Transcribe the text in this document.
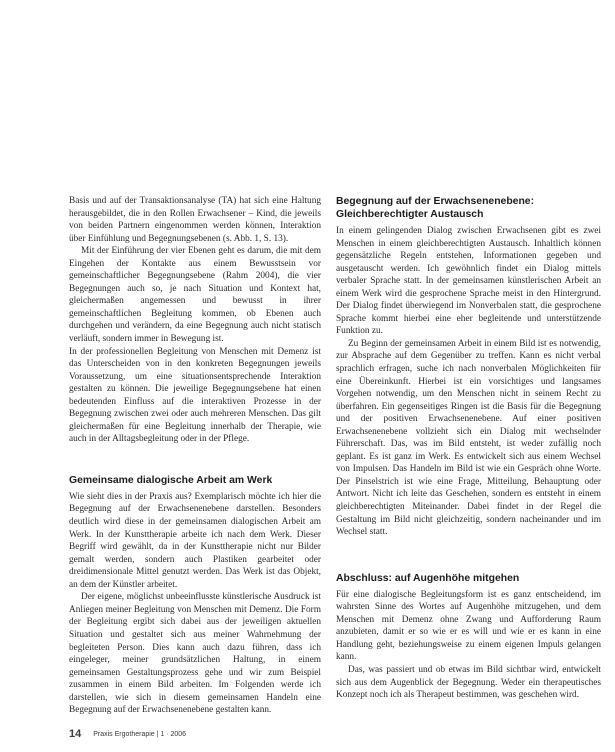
Basis und auf der Transaktionsanalyse (TA) hat sich eine Haltung herausgebildet, die in den Rollen Erwachsener – Kind, die jeweils von beiden Partnern eingenommen werden können, Interaktion über Einfühlung und Begegnungsebenen (s. Abb. 1, S. 13).

Mit der Einführung der vier Ebenen geht es darum, die mit dem Eingehen der Kontakte aus einem Bewusstsein vor gemeinschaftlicher Begegnungsebene (Rahm 2004), die vier Begegnungen auch so, je nach Situation und Kontext hat, gleichermaßen angemessen und bewusst in ihrer gemeinschaftlichen Begleitung kommen, ob Ebenen auch durchgehen und verändern, da eine Begegnung auch nicht statisch verläuft, sondern immer in Bewegung ist.

In der professionellen Begleitung von Menschen mit Demenz ist das Unterscheiden von in den konkreten Begegnungen jeweils Voraussetzung, um eine situationsentsprechende Interaktion gestalten zu können. Die jeweilige Begegnungsebene hat einen bedeutenden Einfluss auf die interaktiven Prozesse in der Begegnung zwischen zwei oder auch mehreren Menschen. Das gilt gleichermaßen für eine Begleitung innerhalb der Therapie, wie auch in der Alltagsbegleitung oder in der Pflege.

Gemeinsame dialogische Arbeit am Werk

Wie sieht dies in der Praxis aus? Exemplarisch möchte ich hier die Begegnung auf der Erwachsenenebene darstellen. Besonders deutlich wird diese in der gemeinsamen dialogischen Arbeit am Werk. In der Kunsttherapie arbeite ich nach dem Werk. Dieser Begriff wird gewählt, da in der Kunsttherapie nicht nur Bilder gemalt werden, sondern auch Plastiken gearbeitet oder dreidimensionale Mittel genutzt werden. Das Werk ist das Objekt, an dem der Künstler arbeitet.

Der eigene, möglichst unbeeinflusste künstlerische Ausdruck ist Anliegen meiner Begleitung von Menschen mit Demenz. Die Form der Begleitung ergibt sich dabei aus der jeweiligen aktuellen Situation und gestaltet sich aus meiner Wahrnehmung der begleiteten Person. Dies kann auch dazu führen, dass ich eingeleger, meiner grundsätzlichen Haltung, in einem gemeinsamen Gestaltungsprozess gehe und wir zum Beispiel zusammen in einem Bild arbeiten. Im Folgenden werde ich darstellen, wie sich in diesem gemeinsamen Handeln eine Begegnung auf der Erwachsenenebene gestalten kann.

Begegnung auf der Erwachsenenebene: Gleichberechtigter Austausch

In einem gelingenden Dialog zwischen Erwachsenen gibt es zwei Menschen in einem gleichberechtigten Austausch. Inhaltlich können gegensätzliche Regeln entstehen, Informationen gegeben und ausgetauscht werden. Ich gewöhnlich findet ein Dialog mittels verbaler Sprache statt. In der gemeinsamen künstlerischen Arbeit an einem Werk wird die gesprochene Sprache meist in den Hintergrund. Der Dialog findet überwiegend im Nonverbalen statt, die gesprochene Sprache kommt hierbei eine eher begleitende und unterstützende Funktion zu.

Zu Beginn der gemeinsamen Arbeit in einem Bild ist es notwendig, zur Absprache auf dem Gegenüber zu treffen. Kann es nicht verbal sprachlich erfragen, suche ich nach nonverbalen Möglichkeiten für eine Übereinkunft. Hierbei ist ein vorsichtiges und langsames Vorgehen notwendig, um den Menschen nicht in seinem Recht zu überfahren. Ein gegenseitiges Ringen ist die Basis für die Begegnung und der positiven Erwachsenenebene. Auf einer positiven Erwachsenenebene vollzieht sich ein Dialog mit wechselnder Führerschaft. Das, was im Bild entsteht, ist weder zufällig noch geplant. Es ist ganz im Werk. Es entwickelt sich aus einem Wechsel von Impulsen. Das Handeln im Bild ist wie ein Gespräch ohne Worte. Der Pinselstrich ist wie eine Frage, Mitteilung, Behauptung oder Antwort. Nicht ich leite das Geschehen, sondern es entsteht in einem gleichberechtigten Miteinander. Dabei findet in der Regel die Gestaltung im Bild nicht gleichzeitig, sondern nacheinander und im Wechsel statt.

Abschluss: auf Augenhöhe mitgehen

Für eine dialogische Begleitungsform ist es ganz entscheidend, im wahrsten Sinne des Wortes auf Augenhöhe mitzugehen, und dem Menschen mit Demenz ohne Zwang und Aufforderung Raum anzubieten, damit er so wie er es will und wie er es kann in eine Handlung geht, beziehungsweise zu einem eigenen Impuls gelangen kann.

Das, was passiert und ob etwas im Bild sichtbar wird, entwickelt sich aus dem Augenblick der Begegnung. Weder ein therapeutisches Konzept noch ich als Therapeut bestimmen, was geschehen wird.

14 Praxis Ergotherapie | 1 · 2006
